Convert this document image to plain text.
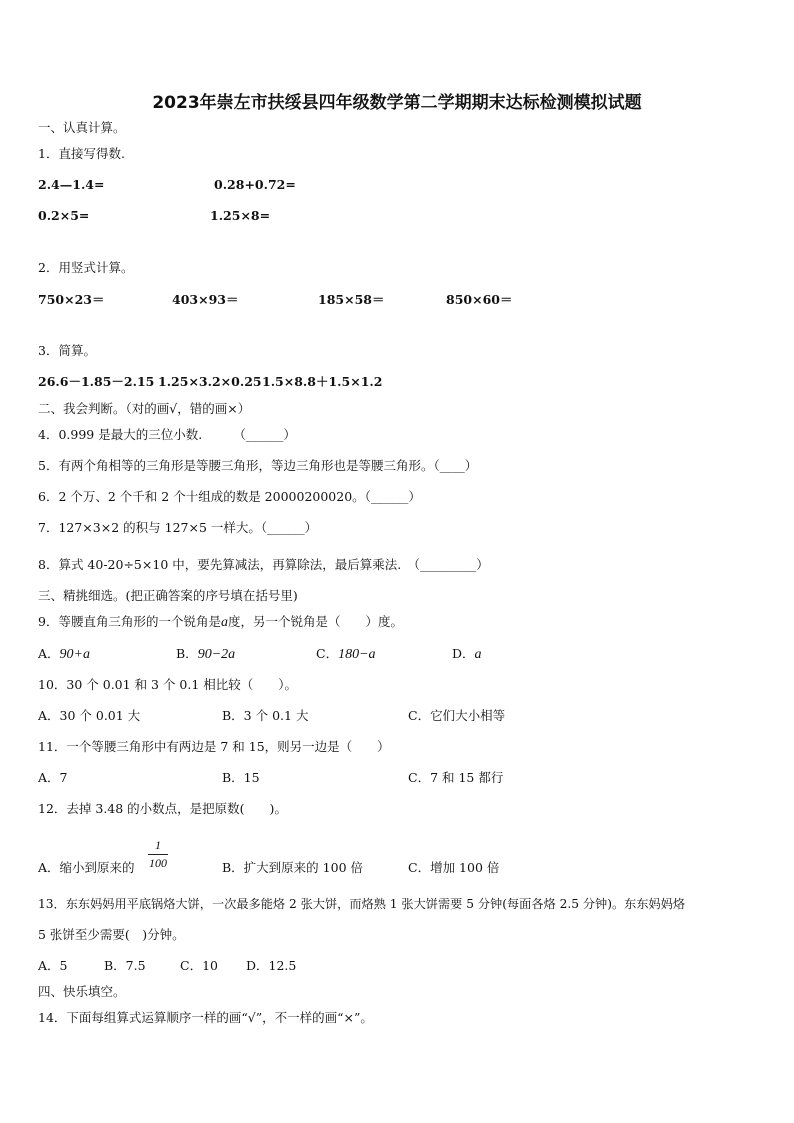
2023年崇左市扶绥县四年级数学第二学期期末达标检测模拟试题
一、认真计算。
1．直接写得数.
2.4—1.4=	0.28+0.72=
0.2×5=	1.25×8=
2．用竖式计算。
750×23＝	403×93＝	185×58＝	850×60＝
3．简算。
26.6－1.85－2.15 1.25×3.2×0.25 1.5×8.8＋1.5×1.2
二、我会判断。（对的画√，错的画×）
4．0.999 是最大的三位小数.　　　（______）
5．有两个角相等的三角形是等腰三角形，等边三角形也是等腰三角形。（____）
6．2 个万、2 个千和 2 个十组成的数是 20000200020。（______）
7．127×3×2 的积与 127×5 一样大。（______）
8．算式 40-20÷5×10 中，要先算减法，再算除法，最后算乘法.　（_________）
三、精挑细选。(把正确答案的序号填在括号里)
9．等腰直角三角形的一个锐角是a度，另一个锐角是（　　）度。
A．90+a	B．90−2a	C．180−a	D．a
10．30 个 0.01 和 3 个 0.1 相比较（　　）。
A．30 个 0.01 大	B．3 个 0.1 大	C．它们大小相等
11．一个等腰三角形中有两边是 7 和 15，则另一边是（　　）
A．7	B．15	C．7 和 15 都行
12．去掉 3.48 的小数点，是把原数(　　)。
A．缩小到原来的
1
100	B．扩大到原来的 100 倍	C．增加 100 倍
13．东东妈妈用平底锅烙大饼，一次最多能烙 2 张大饼，而烙熟 1 张大饼需要 5 分钟(每面各烙 2.5 分钟)。东东妈妈烙
5 张饼至少需要(　)分钟。
A．5	B．7.5	C．10 D．12.5
四、快乐填空。
14．下面每组算式运算顺序一样的画“√”，不一样的画“×”。
